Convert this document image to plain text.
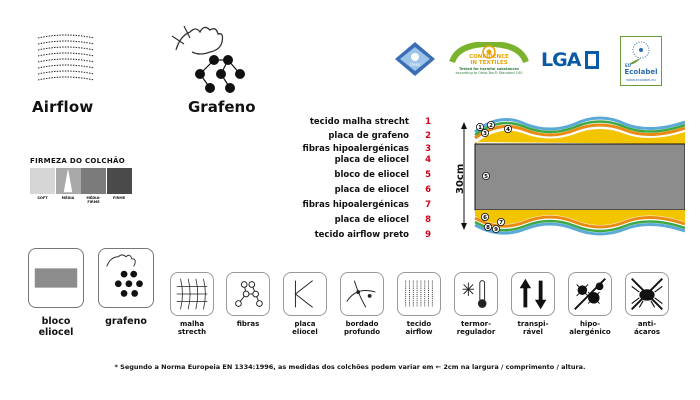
Airflow	Grafeno
FIRMEZA DO COLCHÃO
SOFT	MÉDIA	MÉDIA-FIRME
FIRME
Oeko
CONFIDENCE
IN TEXTILES
Tested for harmful substances
according to Oeko-Tex® Standard 100
LGA	EU
Ecolabel
www.ecolabel.eu
tecido malha strecht 1
placa de grafeno 2
fibras hipoalergénicas 3
placa de eliocel 4
bloco de eliocel 5
placa de eliocel 6
fibras hipoalergénicas 7
placa de eliocel 8
tecido airflow preto 9
30cm
1 2
3
4
5
6
7
8 9
bloco
eliocel
grafeno	malha
strecth
fibras	placa
eliocel
bordado
profundo
tecido
airflow
termor-
regulador
transpi-
rável
hipo-
alergénico
anti-
ácaros
* Segundo a Norma Europeia EN 1334:1996, as medidas dos colchões podem variar em ← 2cm na largura / comprimento / altura.
